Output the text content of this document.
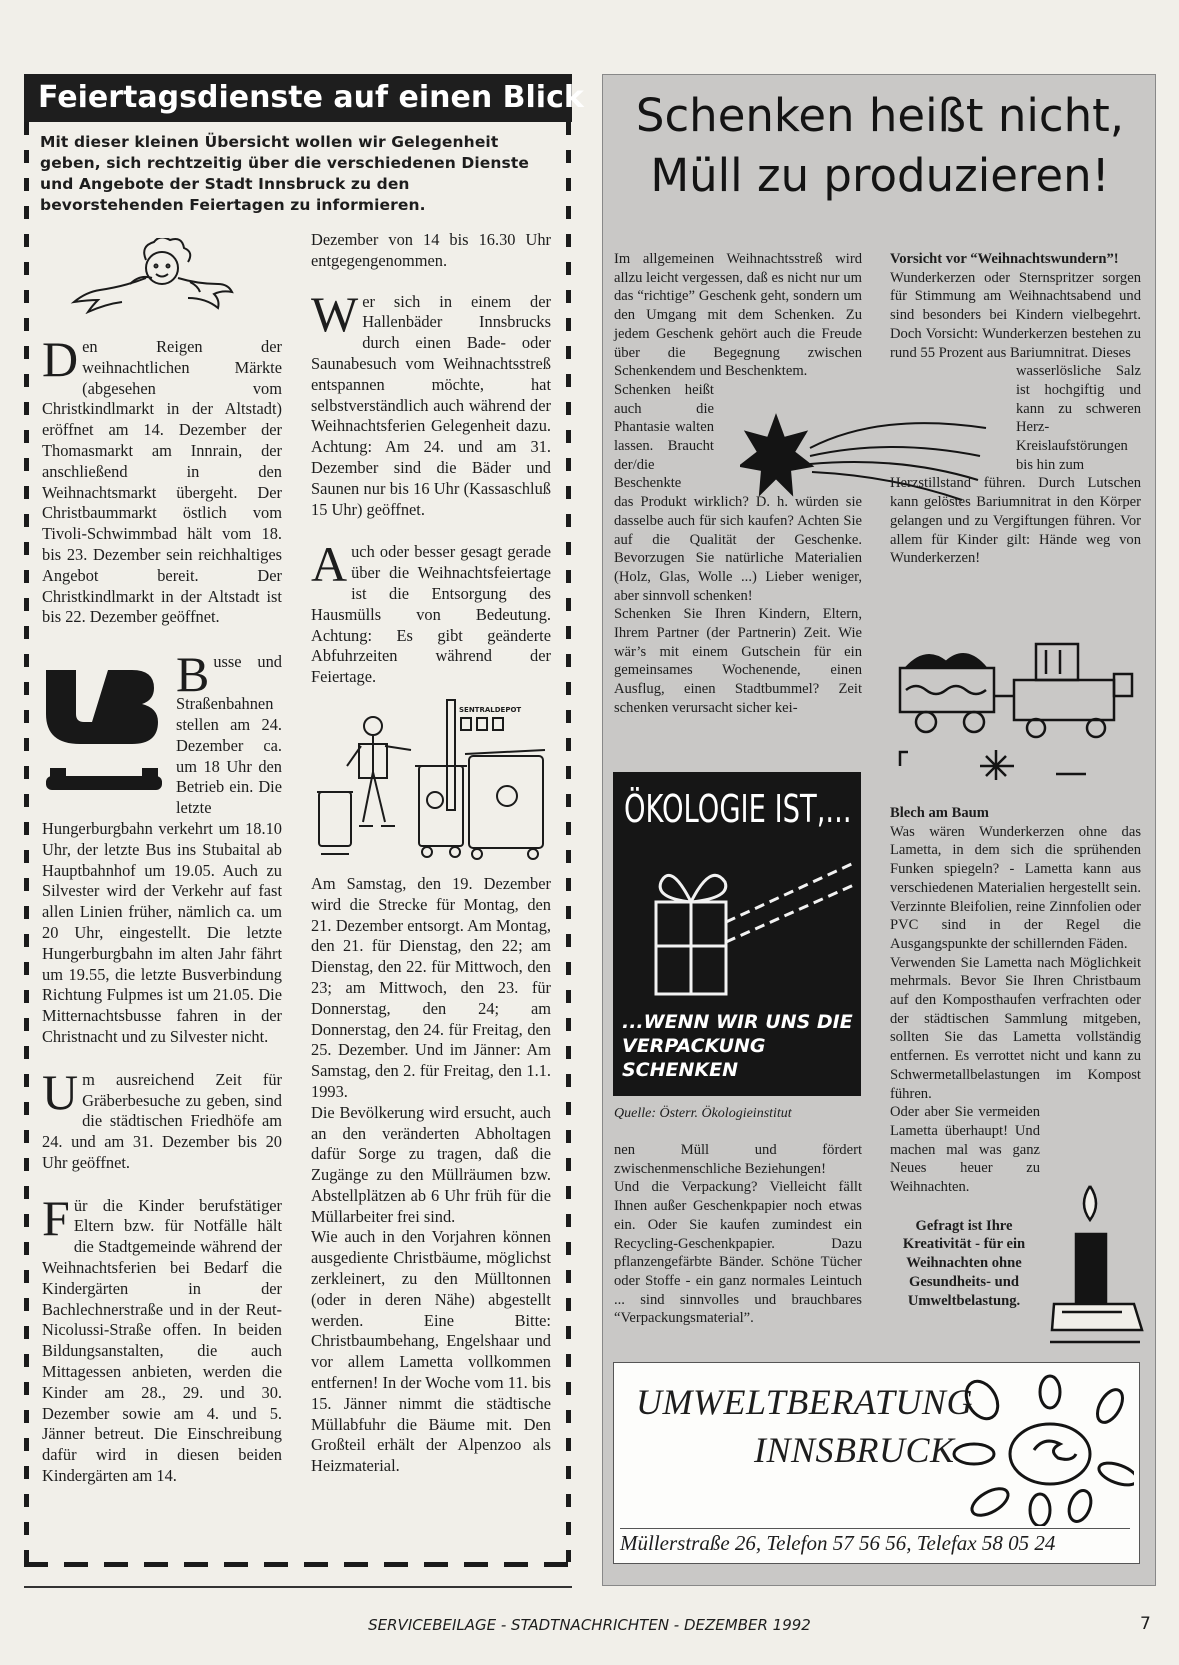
Feiertagsdienste auf einen Blick
Mit dieser kleinen Übersicht wollen wir Gelegenheit geben, sich rechtzeitig über die verschiedenen Dienste und Angebote der Stadt Innsbruck zu den bevorstehenden Feiertagen zu informieren.

Den Reigen der weihnachtlichen Märkte (abgesehen vom Christkindlmarkt in der Altstadt) eröffnet am 14. Dezember der Thomasmarkt am Innrain, der anschließend in den Weihnachtsmarkt übergeht. Der Christbaummarkt östlich vom Tivoli-Schwimmbad hält vom 18. bis 23. Dezember sein reichhaltiges Angebot bereit. Der Christkindlmarkt in der Altstadt ist bis 22. Dezember geöffnet.

Busse und Straßenbahnen stellen am 24. Dezember ca. um 18 Uhr den Betrieb ein. Die letzte Hungerburgbahn verkehrt um 18.10 Uhr, der letzte Bus ins Stubaital ab Hauptbahnhof um 19.05. Auch zu Silvester wird der Verkehr auf fast allen Linien früher, nämlich ca. um 20 Uhr, eingestellt. Die letzte Hungerburgbahn im alten Jahr fährt um 19.55, die letzte Busverbindung Richtung Fulpmes ist um 21.05. Die Mitternachtsbusse fahren in der Christnacht und zu Silvester nicht.

Um ausreichend Zeit für Gräberbesuche zu geben, sind die städtischen Friedhöfe am 24. und am 31. Dezember bis 20 Uhr geöffnet.

Für die Kinder berufstätiger Eltern bzw. für Notfälle hält die Stadtgemeinde während der Weihnachtsferien bei Bedarf die Kindergärten in der Bachlechnerstraße und in der Reut-Nicolussi-Straße offen. In beiden Bildungsanstalten, die auch Mittagessen anbieten, werden die Kinder am 28., 29. und 30. Dezember sowie am 4. und 5. Jänner betreut. Die Einschreibung dafür wird in diesen beiden Kindergärten am 14.

Dezember von 14 bis 16.30 Uhr entgegengenommen.

Wer sich in einem der Hallenbäder Innsbrucks durch einen Bade- oder Saunabesuch vom Weihnachtsstreß entspannen möchte, hat selbstverständlich auch während der Weihnachtsferien Gelegenheit dazu. Achtung: Am 24. und am 31. Dezember sind die Bäder und Saunen nur bis 16 Uhr (Kassaschluß 15 Uhr) geöffnet.

Auch oder besser gesagt gerade über die Weihnachtsfeiertage ist die Entsorgung des Hausmülls von Bedeutung. Achtung: Es gibt geänderte Abfuhrzeiten während der Feiertage.

SENTRALDEPOT

Am Samstag, den 19. Dezember wird die Strecke für Montag, den 21. Dezember entsorgt. Am Montag, den 21. für Dienstag, den 22; am Dienstag, den 22. für Mittwoch, den 23; am Mittwoch, den 23. für Donnerstag, den 24; am Donnerstag, den 24. für Freitag, den 25. Dezember. Und im Jänner: Am Samstag, den 2. für Freitag, den 1.1. 1993.

Die Bevölkerung wird ersucht, auch an den veränderten Abholtagen dafür Sorge zu tragen, daß die Zugänge zu den Müllräumen bzw. Abstellplätzen ab 6 Uhr früh für die Müllarbeiter frei sind.

Wie auch in den Vorjahren können ausgediente Christbäume, möglichst zerkleinert, zu den Mülltonnen (oder in deren Nähe) abgestellt werden. Eine Bitte: Christbaumbehang, Engelshaar und vor allem Lametta vollkommen entfernen! In der Woche vom 11. bis 15. Jänner nimmt die städtische Müllabfuhr die Bäume mit. Den Großteil erhält der Alpenzoo als Heizmaterial.

Schenken heißt nicht,
Müll zu produzieren!

Im allgemeinen Weihnachtsstreß wird allzu leicht vergessen, daß es nicht nur um das “richtige” Geschenk geht, sondern um den Umgang mit dem Schenken. Zu jedem Geschenk gehört auch die Freude über die Begegnung zwischen Schenkendem und Beschenktem.

Schenken heißt auch die Phantasie walten lassen. Braucht der/die Beschenkte

das Produkt wirklich? D. h. würden sie dasselbe auch für sich kaufen? Achten Sie auf die Qualität der Geschenke. Bevorzugen Sie natürliche Materialien (Holz, Glas, Wolle ...) Lieber weniger, aber sinnvoll schenken!

Schenken Sie Ihren Kindern, Eltern, Ihrem Partner (der Partnerin) Zeit. Wie wär’s mit einem Gutschein für ein gemeinsames Wochenende, einen Ausflug, einen Stadtbummel? Zeit schenken verursacht sicher kei-

ÖKOLOGIE IST,...
...WENN WIR UNS DIE VERPACKUNG SCHENKEN
Quelle: Österr. Ökologieinstitut

nen Müll und fördert zwischenmenschliche Beziehungen!

Und die Verpackung? Vielleicht fällt Ihnen außer Geschenkpapier noch etwas ein. Oder Sie kaufen zumindest ein Recycling-Geschenkpapier. Dazu pflanzengefärbte Bänder. Schöne Tücher oder Stoffe - ein ganz normales Leintuch ... sind sinnvolles und brauchbares “Verpackungsmaterial”.

Vorsicht vor “Weihnachtswundern”!

Wunderkerzen oder Sternspritzer sorgen für Stimmung am Weihnachtsabend und sind besonders bei Kindern vielbegehrt. Doch Vorsicht: Wunderkerzen bestehen zu rund 55 Prozent aus Bariumnitrat. Dieses

wasserlösliche Salz ist hochgiftig und kann zu schweren Herz-Kreislaufstörungen bis hin zum

Herzstillstand führen. Durch Lutschen kann gelöstes Bariumnitrat in den Körper gelangen und zu Vergiftungen führen. Vor allem für Kinder gilt: Hände weg von Wunderkerzen!

Blech am Baum

Was wären Wunderkerzen ohne das Lametta, in dem sich die sprühenden Funken spiegeln? - Lametta kann aus verschiedenen Materialien hergestellt sein. Verzinnte Bleifolien, reine Zinnfolien oder PVC sind in der Regel die Ausgangspunkte der schillernden Fäden.

Verwenden Sie Lametta nach Möglichkeit mehrmals. Bevor Sie Ihren Christbaum auf den Komposthaufen verfrachten oder der städtischen Sammlung mitgeben, sollten Sie das Lametta vollständig entfernen. Es verrottet nicht und kann zu Schwermetallbelastungen im Kompost führen.

Oder aber Sie vermeiden Lametta überhaupt! Und machen mal was ganz Neues heuer zu Weihnachten.

Gefragt ist Ihre Kreativität - für ein Weihnachten ohne Gesundheits- und Umweltbelastung.

UMWELTBERATUNG
INNSBRUCK
Müllerstraße 26, Telefon 57 56 56, Telefax 58 05 24
SERVICEBEILAGE - STADTNACHRICHTEN - DEZEMBER 1992	7
